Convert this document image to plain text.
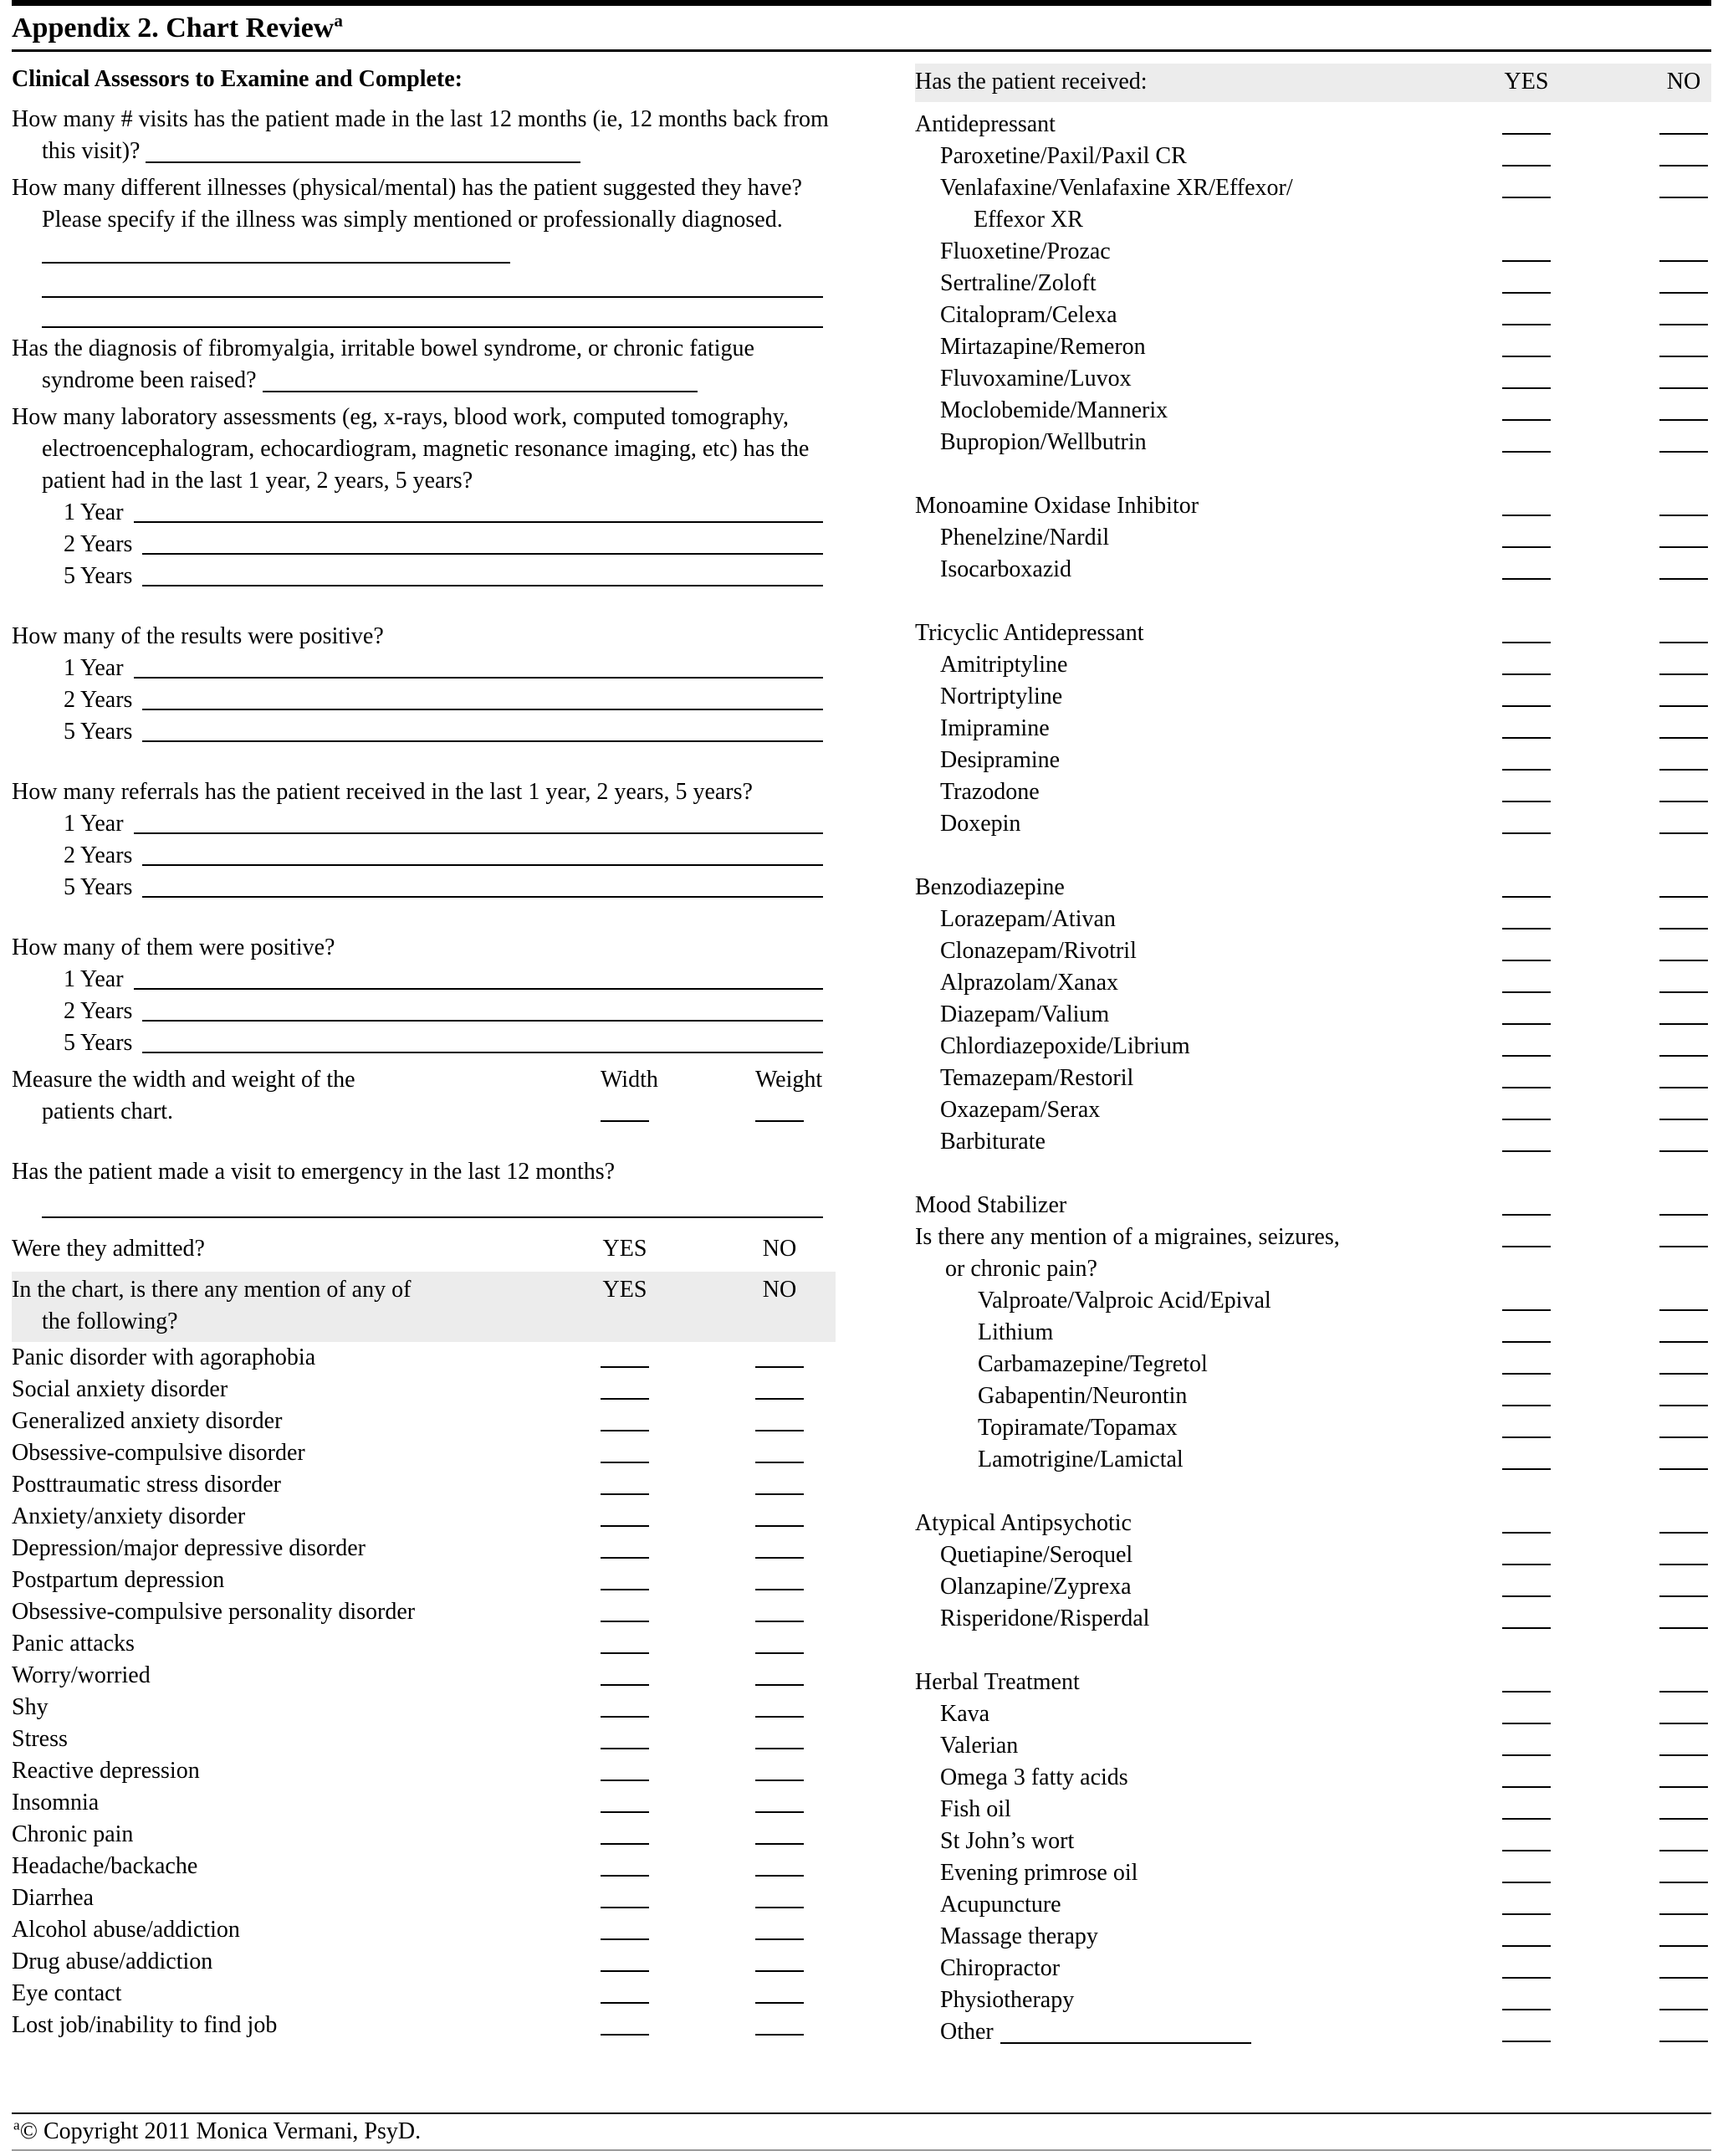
Appendix 2. Chart Review$^a$
Clinical Assessors to Examine and Complete:
How many # visits has the patient made in the last 12 months (ie, 12 months back from this visit)?
How many different illnesses (physical/mental) has the patient suggested they have? Please specify if the illness was simply mentioned or professionally diagnosed.
Has the diagnosis of fibromyalgia, irritable bowel syndrome, or chronic fatigue syndrome been raised?
How many laboratory assessments (eg, x-rays, blood work, computed tomography, electroencephalogram, echocardiogram, magnetic resonance imaging, etc) has the patient had in the last 1 year, 2 years, 5 years?
1 Year
2 Years
5 Years
How many of the results were positive?
1 Year
2 Years
5 Years
How many referrals has the patient received in the last 1 year, 2 years, 5 years?
1 Year
2 Years
5 Years
How many of them were positive?
1 Year
2 Years
5 Years
Measure the width and weight of the
patients chart.
Width	Weight
Has the patient made a visit to emergency in the last 12 months?
Were they admitted?	YES	NO
In the chart, is there any mention of any of
the following?
YES	NO
Panic disorder with agoraphobia
Social anxiety disorder
Generalized anxiety disorder
Obsessive-compulsive disorder
Posttraumatic stress disorder
Anxiety/anxiety disorder
Depression/major depressive disorder
Postpartum depression
Obsessive-compulsive personality disorder
Panic attacks
Worry/worried
Shy
Stress
Reactive depression
Insomnia
Chronic pain
Headache/backache
Diarrhea
Alcohol abuse/addiction
Drug abuse/addiction
Eye contact
Lost job/inability to find job
Has the patient received:	YES	NO
Antidepressant
Paroxetine/Paxil/Paxil CR
Venlafaxine/Venlafaxine XR/Effexor/
Effexor XR
Fluoxetine/Prozac
Sertraline/Zoloft
Citalopram/Celexa
Mirtazapine/Remeron
Fluvoxamine/Luvox
Moclobemide/Mannerix
Bupropion/Wellbutrin
Monoamine Oxidase Inhibitor
Phenelzine/Nardil
Isocarboxazid
Tricyclic Antidepressant
Amitriptyline
Nortriptyline
Imipramine
Desipramine
Trazodone
Doxepin
Benzodiazepine
Lorazepam/Ativan
Clonazepam/Rivotril
Alprazolam/Xanax
Diazepam/Valium
Chlordiazepoxide/Librium
Temazepam/Restoril
Oxazepam/Serax
Barbiturate
Mood Stabilizer
Is there any mention of a migraines, seizures,
or chronic pain?
Valproate/Valproic Acid/Epival
Lithium
Carbamazepine/Tegretol
Gabapentin/Neurontin
Topiramate/Topamax
Lamotrigine/Lamictal
Atypical Antipsychotic
Quetiapine/Seroquel
Olanzapine/Zyprexa
Risperidone/Risperdal
Herbal Treatment
Kava
Valerian
Omega 3 fatty acids
Fish oil
St John’s wort
Evening primrose oil
Acupuncture
Massage therapy
Chiropractor
Physiotherapy
Other
$^a$© Copyright 2011 Monica Vermani, PsyD.
